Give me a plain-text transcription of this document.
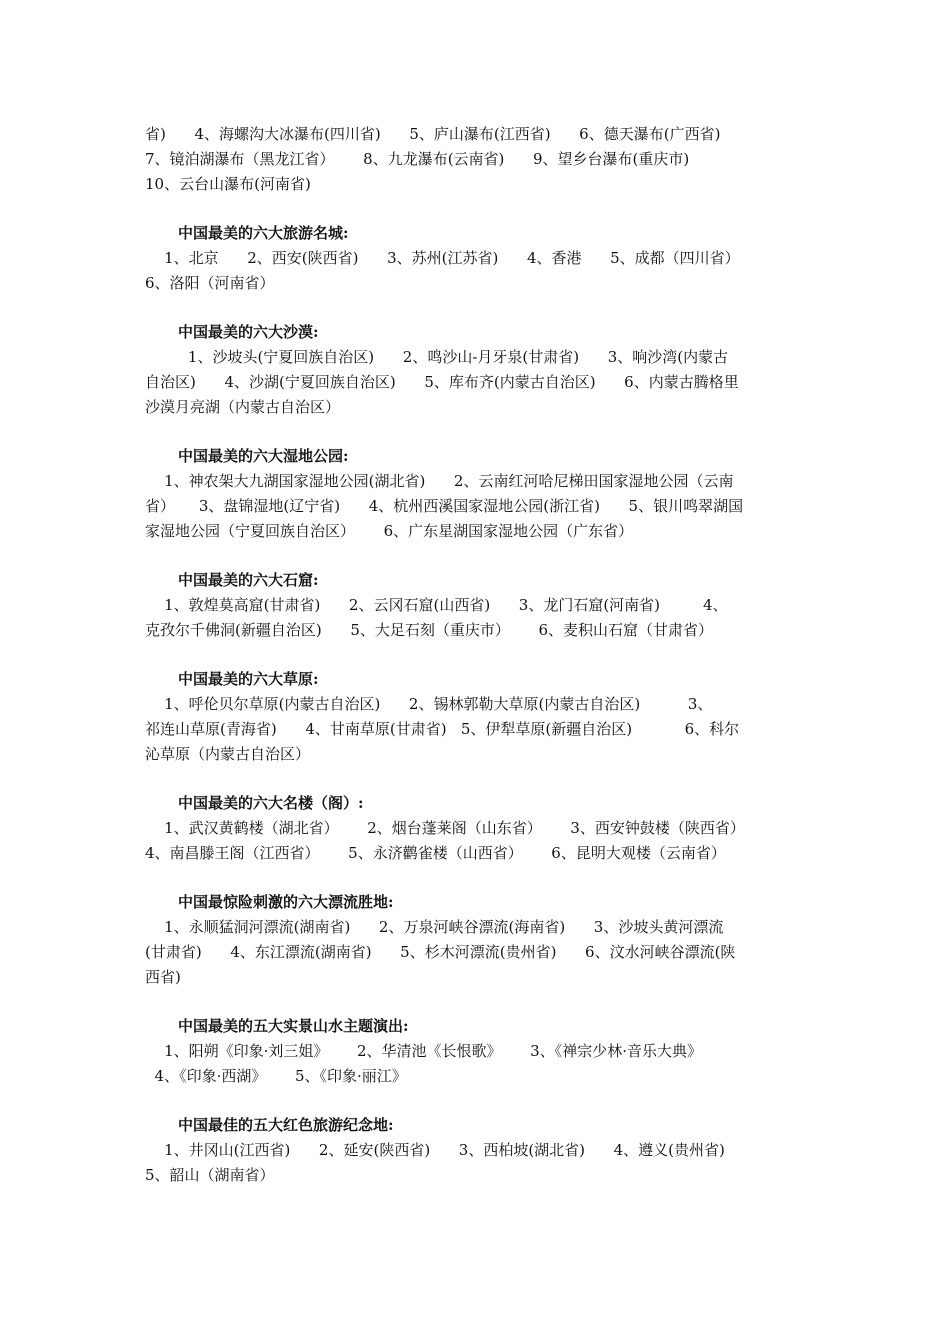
省)      4、海螺沟大冰瀑布(四川省)      5、庐山瀑布(江西省)      6、德天瀑布(广西省)
7、镜泊湖瀑布（黑龙江省）      8、九龙瀑布(云南省)      9、望乡台瀑布(重庆市)
10、云台山瀑布(河南省)
中国最美的六大旅游名城:
1、北京      2、西安(陕西省)      3、苏州(江苏省)      4、香港      5、成都（四川省）
6、洛阳（河南省）
中国最美的六大沙漠:
1、沙坡头(宁夏回族自治区)      2、鸣沙山-月牙泉(甘肃省)      3、响沙湾(内蒙古
自治区)      4、沙湖(宁夏回族自治区)      5、库布齐(内蒙古自治区)      6、内蒙古腾格里
沙漠月亮湖（内蒙古自治区）
中国最美的六大湿地公园:
1、神农架大九湖国家湿地公园(湖北省)      2、云南红河哈尼梯田国家湿地公园（云南
省）     3、盘锦湿地(辽宁省)      4、杭州西溪国家湿地公园(浙江省)      5、银川鸣翠湖国
家湿地公园（宁夏回族自治区）      6、广东星湖国家湿地公园（广东省）
中国最美的六大石窟:
1、敦煌莫高窟(甘肃省)      2、云冈石窟(山西省)      3、龙门石窟(河南省)         4、
克孜尔千佛洞(新疆自治区)      5、大足石刻（重庆市）      6、麦积山石窟（甘肃省）
中国最美的六大草原:
1、呼伦贝尔草原(内蒙古自治区)      2、锡林郭勒大草原(内蒙古自治区)          3、
祁连山草原(青海省)      4、甘南草原(甘肃省)   5、伊犁草原(新疆自治区)           6、科尔
沁草原（内蒙古自治区）
中国最美的六大名楼（阁）:
1、武汉黄鹤楼（湖北省）      2、烟台蓬莱阁（山东省）      3、西安钟鼓楼（陕西省）
4、南昌滕王阁（江西省）      5、永济鹳雀楼（山西省）      6、昆明大观楼（云南省）
中国最惊险刺激的六大漂流胜地:
1、永顺猛洞河漂流(湖南省)      2、万泉河峡谷漂流(海南省)      3、沙坡头黄河漂流
(甘肃省)      4、东江漂流(湖南省)      5、杉木河漂流(贵州省)      6、汶水河峡谷漂流(陕
西省)
中国最美的五大实景山水主题演出:
1、阳朔《印象·刘三姐》      2、华清池《长恨歌》      3、《禅宗少林·音乐大典》
4、《印象·西湖》      5、《印象·丽江》
中国最佳的五大红色旅游纪念地:
1、井冈山(江西省)      2、延安(陕西省)      3、西柏坡(湖北省)      4、遵义(贵州省)
5、韶山（湖南省）
